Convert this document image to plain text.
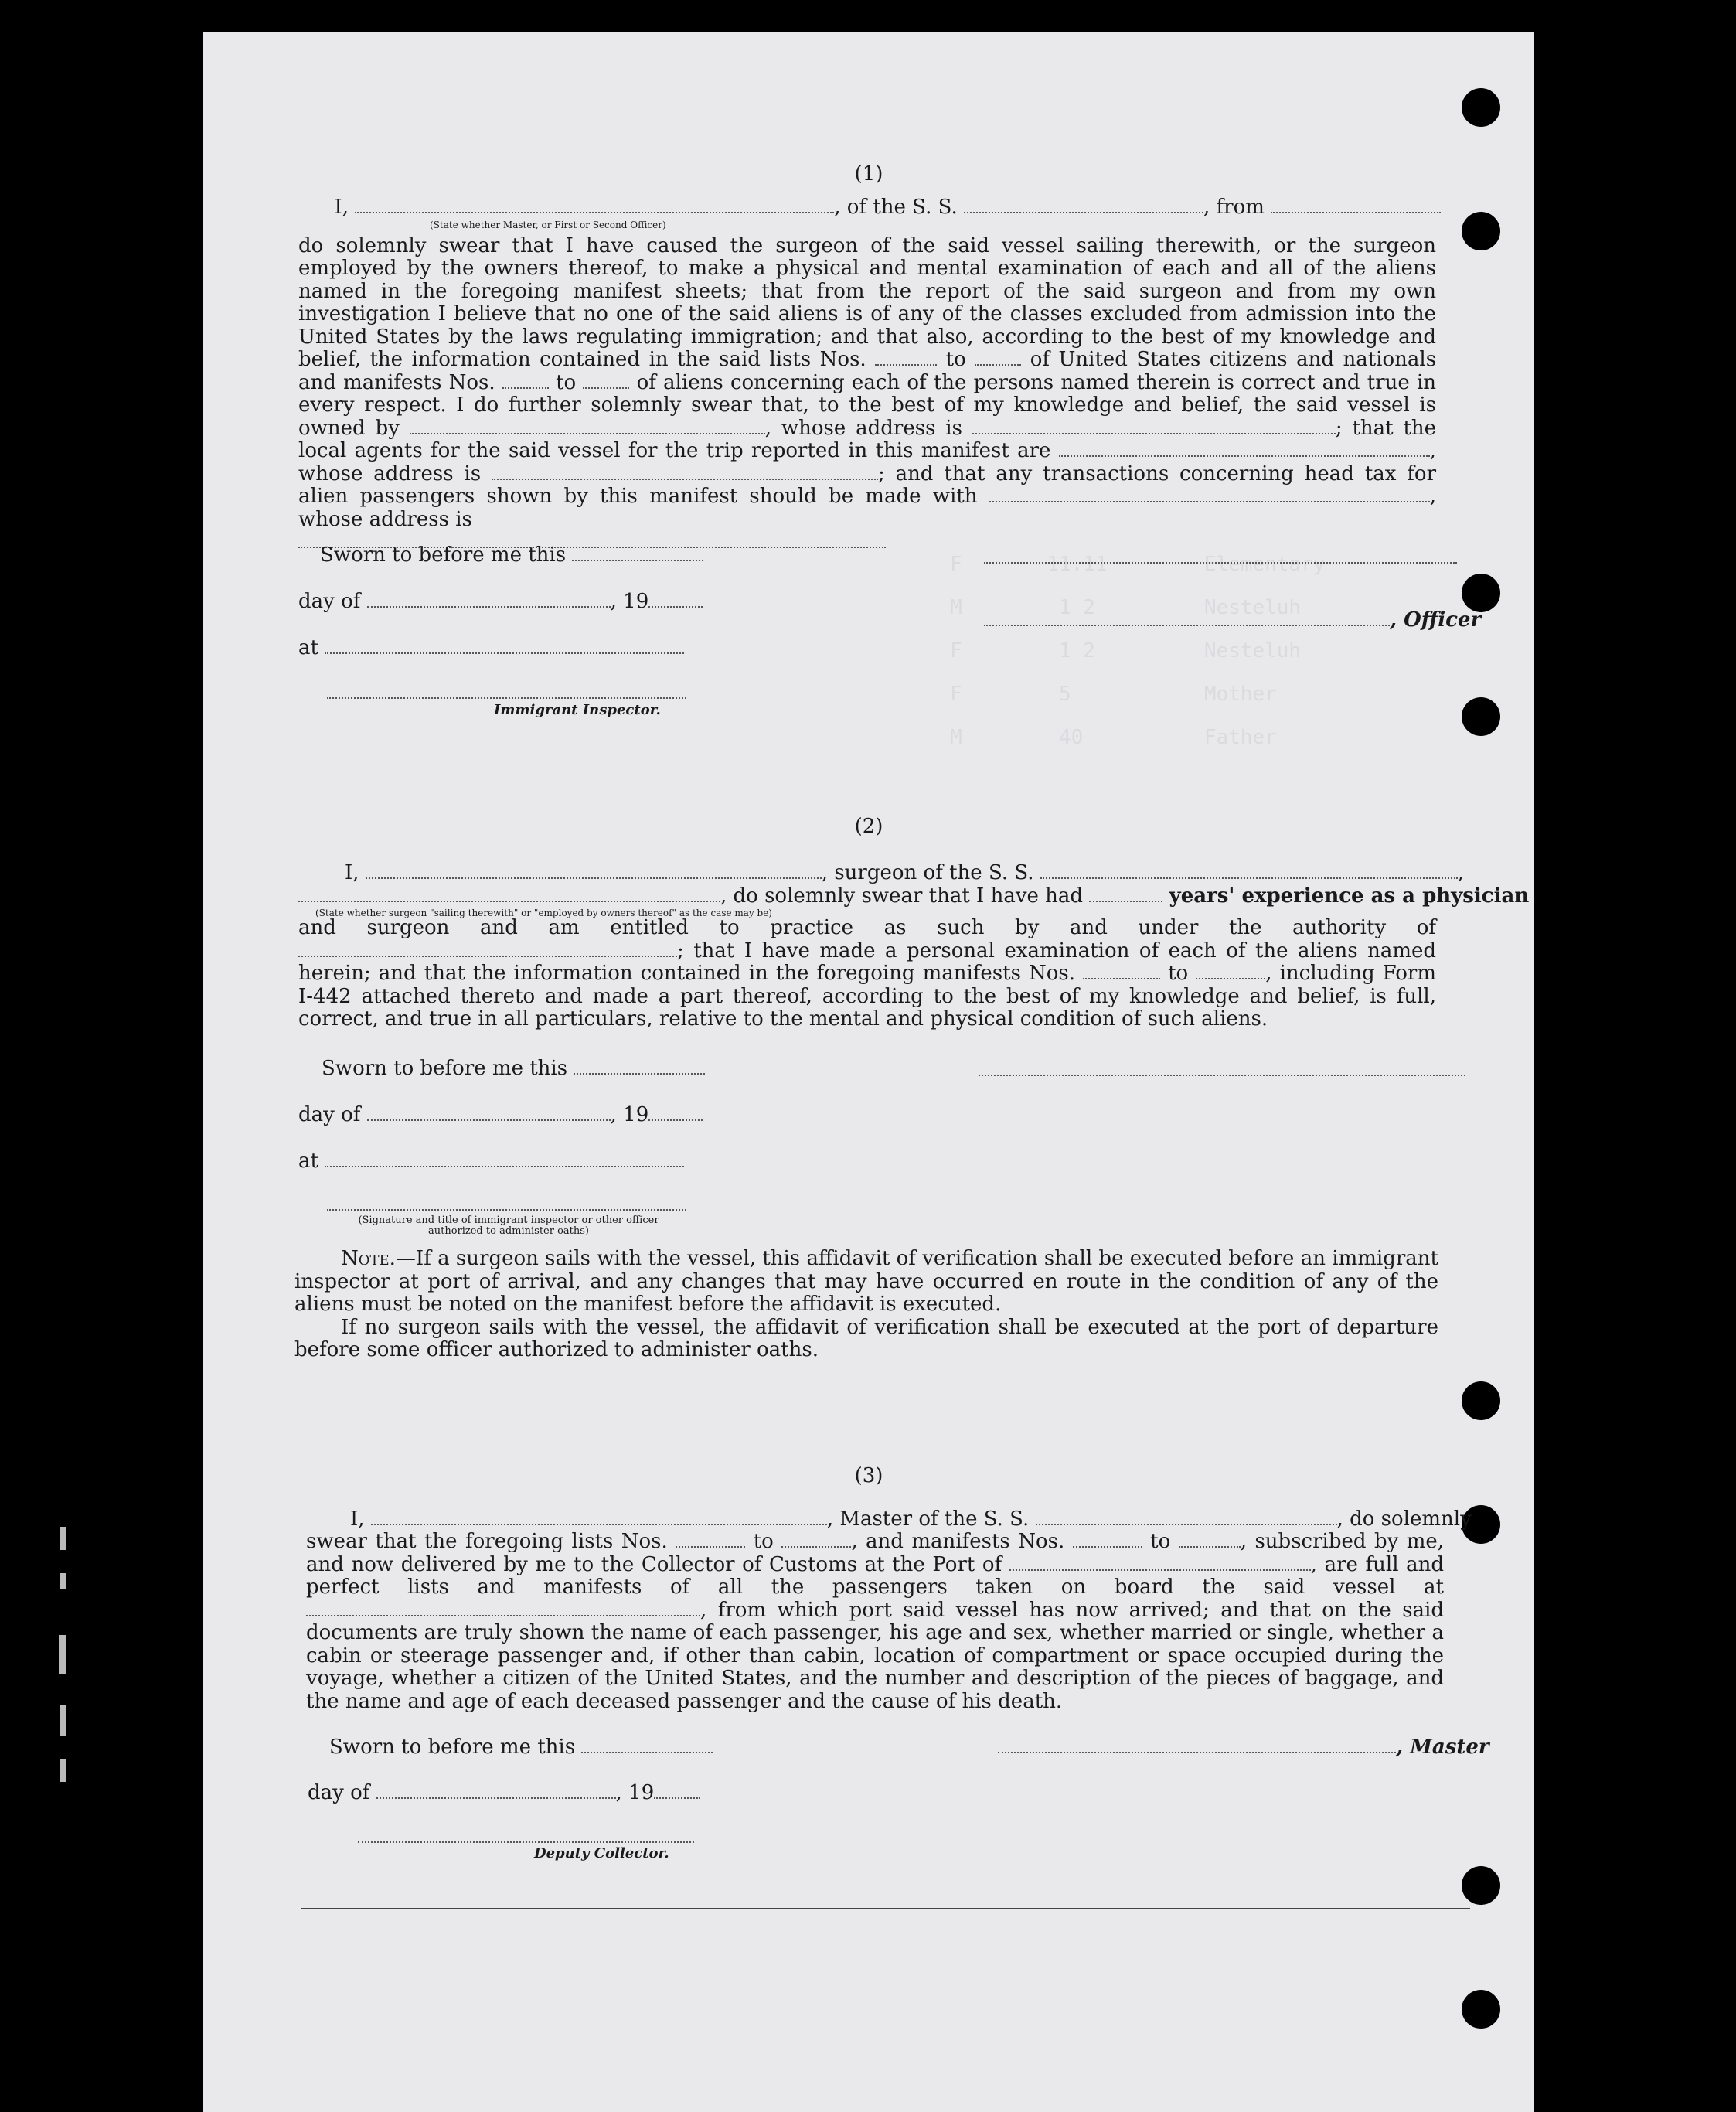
F       11.11        Elementary
M        1 2         Nesteluh
F        1 2         Nesteluh
F        5           Mother
M        40          Father
(1)
I,	, of the S. S.	, from
(State whether Master, or First or Second Officer)
do solemnly swear that I have caused the surgeon of the said vessel sailing therewith, or the surgeon employed by the owners thereof, to make a physical and mental examination of each and all of the aliens named in the foregoing manifest sheets; that from the report of the said surgeon and from my own investigation I believe that no one of the said aliens is of any of the classes excluded from admission into the United States by the laws regulating immigration; and that also, according to the best of my knowledge and belief, the information contained in the said lists Nos.	to	of United States citizens and nationals and manifests Nos.	to	of aliens concerning each of the persons named therein is correct and true in every respect. I do further solemnly swear that, to the best of my knowledge and belief, the said vessel is owned by	, whose address is	; that the local agents for the said vessel for the trip reported in this manifest are	, whose address is	; and that any transactions concerning head tax for alien passengers shown by this manifest should be made with	, whose address is
Sworn to before me this
day of	, 19
, Officer
at
Immigrant Inspector.
(2)
I,	, surgeon of the S. S.	,
, do solemnly swear that I have had	years' experience as a physician
(State whether surgeon "sailing therewith" or "employed by owners thereof" as the case may be)
and surgeon and am entitled to practice as such by and under the authority of ; that I have made a personal examination of each of the aliens named herein; and that the information contained in the foregoing manifests Nos.	to	, including Form I-442 attached thereto and made a part thereof, according to the best of my knowledge and belief, is full, correct, and true in all particulars, relative to the mental and physical condition of such aliens.
Sworn to before me this
day of	, 19
at
(Signature and title of immigrant inspector or other officer authorized to administer oaths)
Note.—If a surgeon sails with the vessel, this affidavit of verification shall be executed before an immigrant inspector at port of arrival, and any changes that may have occurred en route in the condition of any of the aliens must be noted on the manifest before the affidavit is executed.
If no surgeon sails with the vessel, the affidavit of verification shall be executed at the port of departure before some officer authorized to administer oaths.
(3)
I,	, Master of the S. S.	, do solemnly
swear that the foregoing lists Nos.	to	, and manifests Nos.	to	, subscribed by me, and now delivered by me to the Collector of Customs at the Port of	, are full and perfect lists and manifests of all the passengers taken on board the said vessel at , from which port said vessel has now arrived; and that on the said documents are truly shown the name of each passenger, his age and sex, whether married or single, whether a cabin or steerage passenger and, if other than cabin, location of compartment or space occupied during the voyage, whether a citizen of the United States, and the number and description of the pieces of baggage, and the name and age of each deceased passenger and the cause of his death.
Sworn to before me this	, Master
day of	, 19
Deputy Collector.
